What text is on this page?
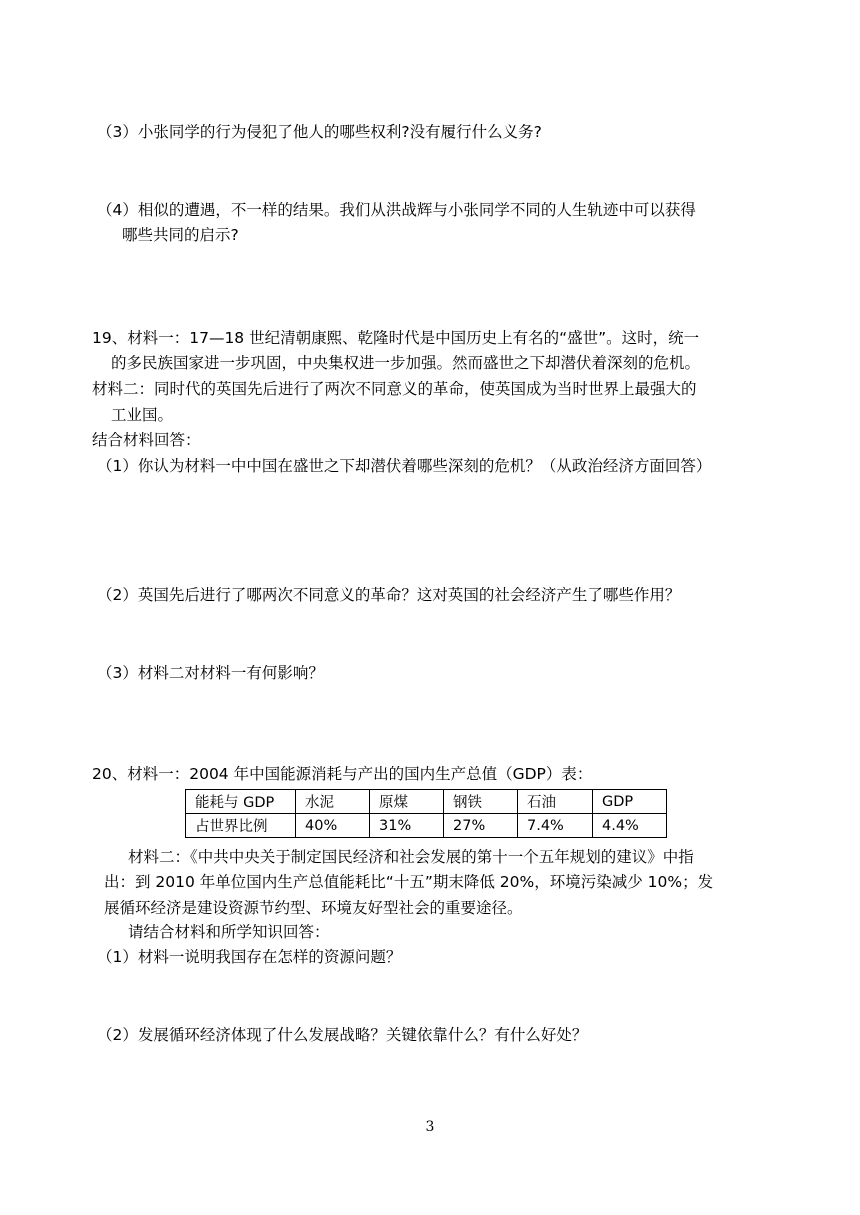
（3）小张同学的行为侵犯了他人的哪些权利?没有履行什么义务?
（4）相似的遭遇，不一样的结果。我们从洪战辉与小张同学不同的人生轨迹中可以获得
哪些共同的启示?
19、材料一：17—18 世纪清朝康熙、乾隆时代是中国历史上有名的“盛世”。这时，统一
的多民族国家进一步巩固，中央集权进一步加强。然而盛世之下却潜伏着深刻的危机。
材料二：同时代的英国先后进行了两次不同意义的革命，使英国成为当时世界上最强大的
工业国。
结合材料回答：
（1）你认为材料一中中国在盛世之下却潜伏着哪些深刻的危机？（从政治经济方面回答）
（2）英国先后进行了哪两次不同意义的革命？这对英国的社会经济产生了哪些作用？
（3）材料二对材料一有何影响？
20、材料一：2004 年中国能源消耗与产出的国内生产总值（GDP）表：
能耗与 GDP	水泥	原煤	钢铁	石油	GDP
占世界比例	40%	31%	27%	7.4%	4.4%
材料二：《中共中央关于制定国民经济和社会发展的第十一个五年规划的建议》中指
出：到 2010 年单位国内生产总值能耗比“十五”期末降低 20%，环境污染减少 10%；发
展循环经济是建设资源节约型、环境友好型社会的重要途径。
请结合材料和所学知识回答：
（1）材料一说明我国存在怎样的资源问题？
（2）发展循环经济体现了什么发展战略？关键依靠什么？有什么好处？
3
